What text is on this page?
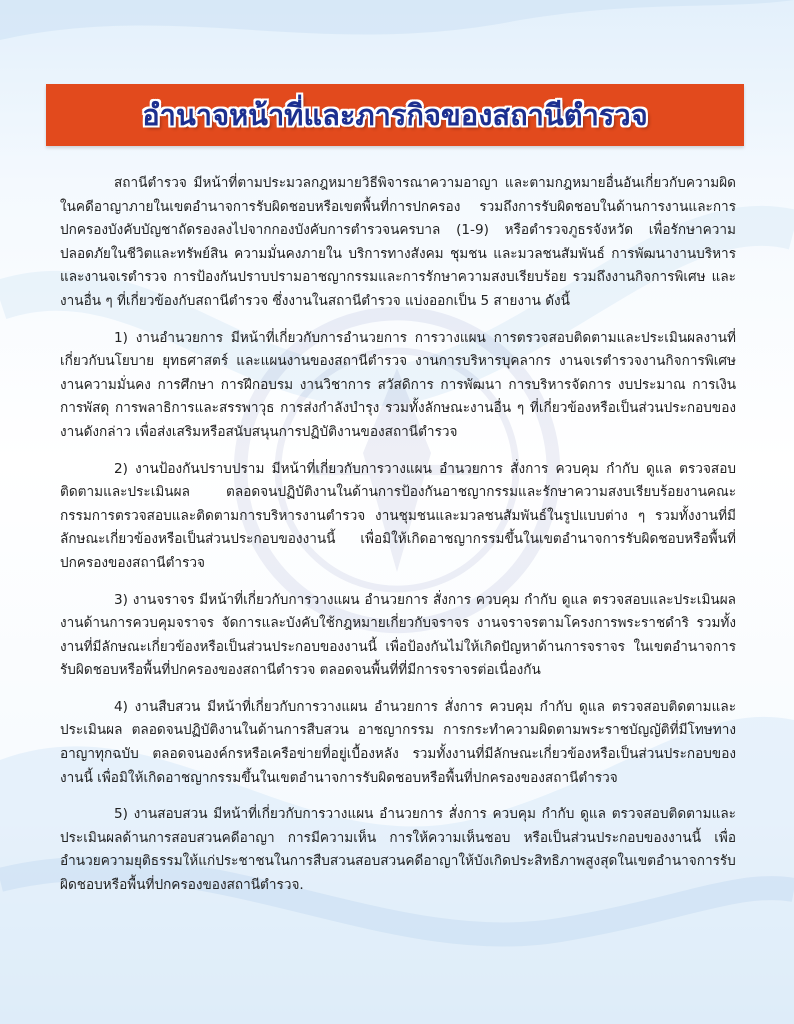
อำนาจหน้าที่และภารกิจของสถานีตำรวจ

สถานีตำรวจ มีหน้าที่ตามประมวลกฎหมายวิธีพิจารณาความอาญา และตามกฎหมายอื่นอันเกี่ยวกับความผิดในคดีอาญาภายในเขตอำนาจการรับผิดชอบหรือเขตพื้นที่การปกครอง รวมถึงการรับผิดชอบในด้านการงานและการปกครองบังคับบัญชาถัดรองลงไปจากกองบังคับการตำรวจนครบาล (1-9) หรือตำรวจภูธรจังหวัด เพื่อรักษาความปลอดภัยในชีวิตและทรัพย์สิน ความมั่นคงภายใน บริการทางสังคม ชุมชน และมวลชนสัมพันธ์ การพัฒนางานบริหารและงานจเรตำรวจ การป้องกันปราบปรามอาชญากรรมและการรักษาความสงบเรียบร้อย รวมถึงงานกิจการพิเศษ และงานอื่น ๆ ที่เกี่ยวข้องกับสถานีตำรวจ ซึ่งงานในสถานีตำรวจ แบ่งออกเป็น 5 สายงาน ดังนี้

1) งานอำนวยการ มีหน้าที่เกี่ยวกับการอำนวยการ การวางแผน การตรวจสอบติดตามและประเมินผลงานที่เกี่ยวกับนโยบาย ยุทธศาสตร์ และแผนงานของสถานีตำรวจ งานการบริหารบุคลากร งานจเรตำรวจงานกิจการพิเศษ งานความมั่นคง การศึกษา การฝึกอบรม งานวิชาการ สวัสดิการ การพัฒนา การบริหารจัดการ งบประมาณ การเงิน การพัสดุ การพลาธิการและสรรพาวุธ การส่งกำลังบำรุง รวมทั้งลักษณะงานอื่น ๆ ที่เกี่ยวข้องหรือเป็นส่วนประกอบของงานดังกล่าว เพื่อส่งเสริมหรือสนับสนุนการปฏิบัติงานของสถานีตำรวจ

2) งานป้องกันปราบปราม มีหน้าที่เกี่ยวกับการวางแผน อำนวยการ สั่งการ ควบคุม กำกับ ดูแล ตรวจสอบติดตามและประเมินผล ตลอดจนปฏิบัติงานในด้านการป้องกันอาชญากรรมและรักษาความสงบเรียบร้อยงานคณะกรรมการตรวจสอบและติดตามการบริหารงานตำรวจ งานชุมชนและมวลชนสัมพันธ์ในรูปแบบต่าง ๆ รวมทั้งงานที่มีลักษณะเกี่ยวข้องหรือเป็นส่วนประกอบของงานนี้ เพื่อมิให้เกิดอาชญากรรมขึ้นในเขตอำนาจการรับผิดชอบหรือพื้นที่ปกครองของสถานีตำรวจ

3) งานจราจร มีหน้าที่เกี่ยวกับการวางแผน อำนวยการ สั่งการ ควบคุม กำกับ ดูแล ตรวจสอบและประเมินผลงานด้านการควบคุมจราจร จัดการและบังคับใช้กฎหมายเกี่ยวกับจราจร งานจราจรตามโครงการพระราชดำริ รวมทั้งงานที่มีลักษณะเกี่ยวข้องหรือเป็นส่วนประกอบของงานนี้ เพื่อป้องกันไม่ให้เกิดปัญหาด้านการจราจร ในเขตอำนาจการรับผิดชอบหรือพื้นที่ปกครองของสถานีตำรวจ ตลอดจนพื้นที่ที่มีการจราจรต่อเนื่องกัน

4) งานสืบสวน มีหน้าที่เกี่ยวกับการวางแผน อำนวยการ สั่งการ ควบคุม กำกับ ดูแล ตรวจสอบติดตามและประเมินผล ตลอดจนปฏิบัติงานในด้านการสืบสวน อาชญากรรม การกระทำความผิดตามพระราชบัญญัติที่มีโทษทางอาญาทุกฉบับ ตลอดจนองค์กรหรือเครือข่ายที่อยู่เบื้องหลัง รวมทั้งงานที่มีลักษณะเกี่ยวข้องหรือเป็นส่วนประกอบของงานนี้ เพื่อมิให้เกิดอาชญากรรมขึ้นในเขตอำนาจการรับผิดชอบหรือพื้นที่ปกครองของสถานีตำรวจ

5) งานสอบสวน มีหน้าที่เกี่ยวกับการวางแผน อำนวยการ สั่งการ ควบคุม กำกับ ดูแล ตรวจสอบติดตามและประเมินผลด้านการสอบสวนคดีอาญา การมีความเห็น การให้ความเห็นชอบ หรือเป็นส่วนประกอบของงานนี้ เพื่ออำนวยความยุติธรรมให้แก่ประชาชนในการสืบสวนสอบสวนคดีอาญาให้บังเกิดประสิทธิภาพสูงสุดในเขตอำนาจการรับผิดชอบหรือพื้นที่ปกครองของสถานีตำรวจ.
